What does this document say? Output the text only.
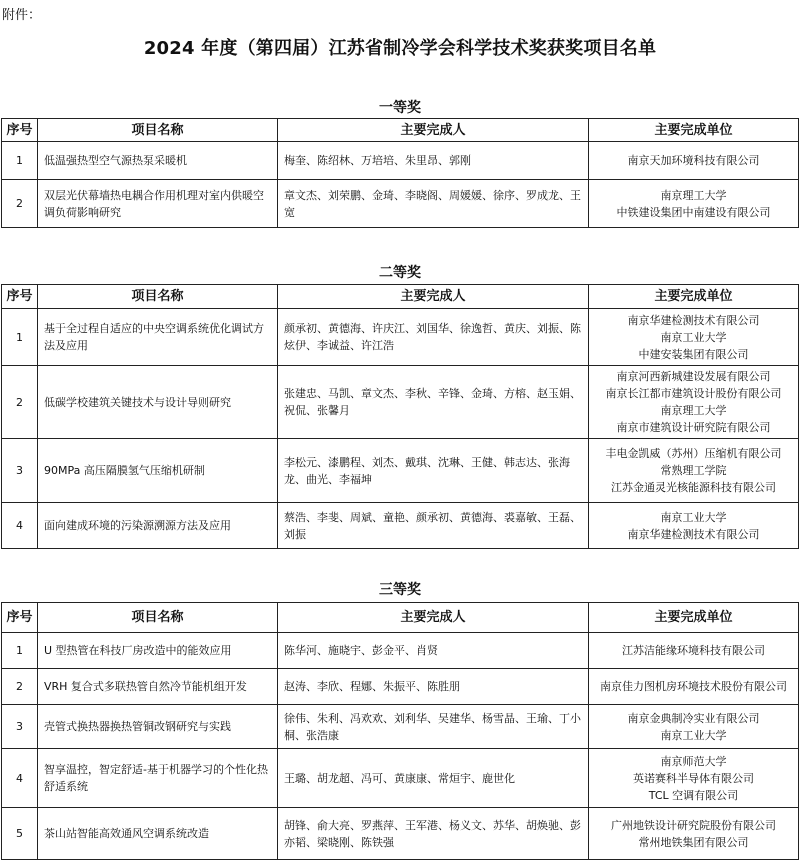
附件：
2024 年度（第四届）江苏省制冷学会科学技术奖获奖项目名单
一等奖
序号	项目名称	主要完成人	主要完成单位
1	低温强热型空气源热泵采暖机	梅奎、陈绍林、万培培、朱里昂、郭刚	南京天加环境科技有限公司

2	双层光伏幕墙热电耦合作用机理对室内供暖空调负荷影响研究	章文杰、刘荣鹏、金琦、李晓阁、周媛媛、徐序、罗成龙、王宽	南京理工大学
中铁建设集团中南建设有限公司
二等奖
序号	项目名称	主要完成人	主要完成单位
1	基于全过程自适应的中央空调系统优化调试方法及应用	颜承初、黄德海、许庆江、刘国华、徐逸哲、黄庆、刘振、陈炫伊、李诚益、许江浩	南京华建检测技术有限公司
南京工业大学
中建安装集团有限公司

2	低碳学校建筑关键技术与设计导则研究	张建忠、马凯、章文杰、李秋、辛锋、金琦、方榕、赵玉娟、祝侃、张馨月	南京河西新城建设发展有限公司
南京长江都市建筑设计股份有限公司
南京理工大学
南京市建筑设计研究院有限公司

3	90MPa 高压隔膜氢气压缩机研制	李松元、漆鹏程、刘杰、戴琪、沈琳、王健、韩志达、张海龙、曲光、李福坤	丰电金凯威（苏州）压缩机有限公司
常熟理工学院
江苏金通灵光核能源科技有限公司

4	面向建成环境的污染源溯源方法及应用	蔡浩、李斐、周斌、童艳、颜承初、黄德海、裘嘉敏、王磊、刘振	南京工业大学
南京华建检测技术有限公司
三等奖
序号	项目名称	主要完成人	主要完成单位
1	U 型热管在科技厂房改造中的能效应用	陈华河、施晓宇、彭金平、肖贤	江苏洁能缘环境科技有限公司

2	VRH 复合式多联热管自然冷节能机组开发	赵涛、李欣、程娜、朱振平、陈胜朋	南京佳力图机房环境技术股份有限公司

3	壳管式换热器换热管铜改钢研究与实践	徐伟、朱利、冯欢欢、刘利华、吴建华、杨雪晶、王瑜、丁小桐、张浩康	南京金典制冷实业有限公司
南京工业大学

4	智享温控，智定舒适-基于机器学习的个性化热舒适系统	王璐、胡龙超、冯可、黄康康、常烜宇、鹿世化	南京师范大学
英诺赛科半导体有限公司
TCL 空调有限公司

5	茶山站智能高效通风空调系统改造	胡锋、俞大亮、罗燕萍、王军港、杨义文、苏华、胡焕驰、彭亦韬、梁晓刚、陈铁强	广州地铁设计研究院股份有限公司
常州地铁集团有限公司
